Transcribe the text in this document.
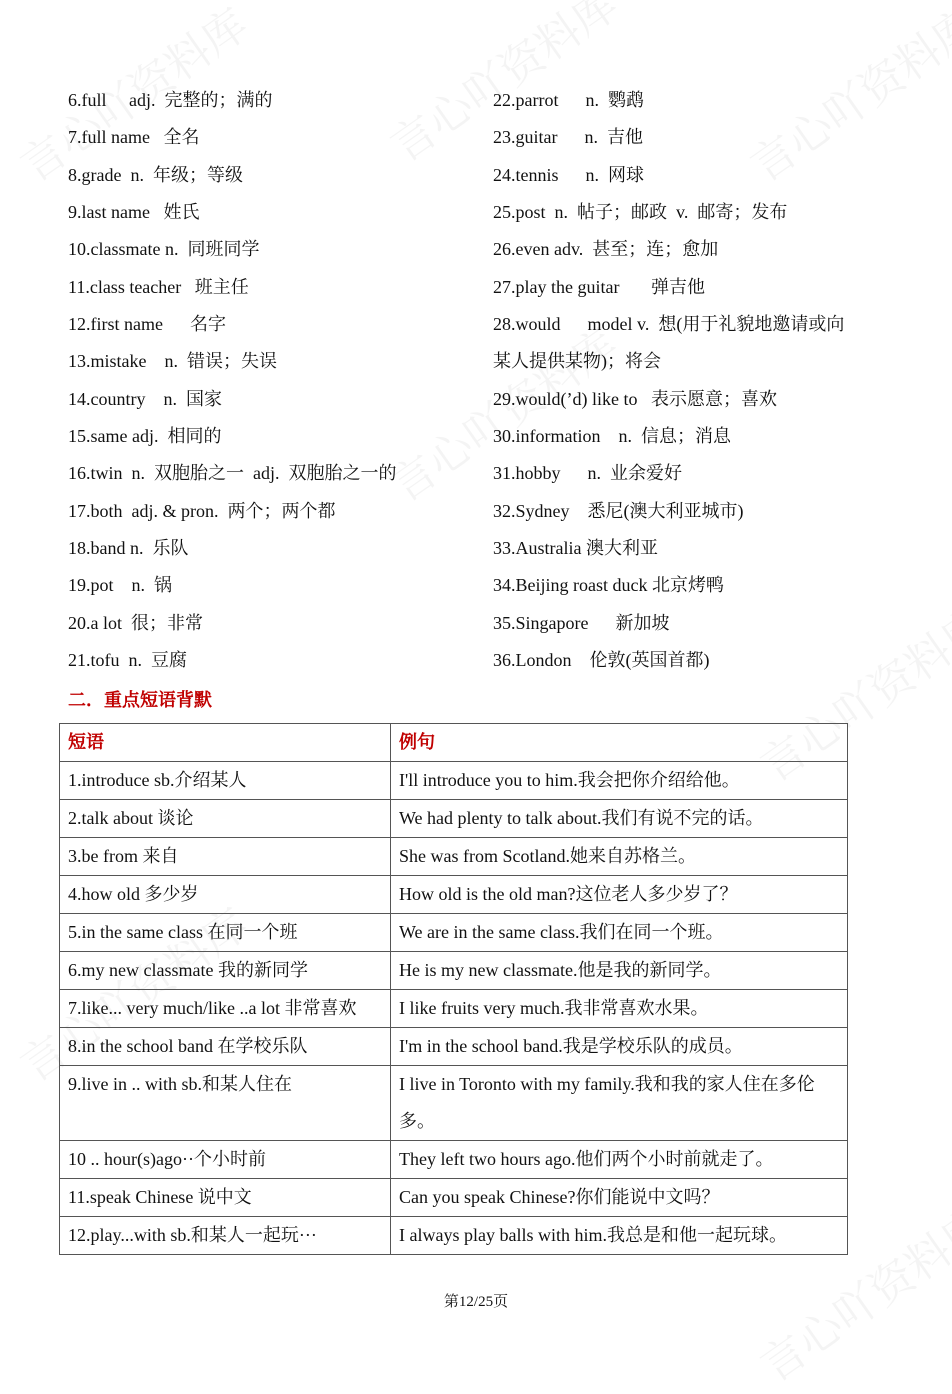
6.full     adj.  完整的；满的
7.full name   全名
8.grade  n.  年级；等级
9.last name   姓氏
10.classmate n.  同班同学
11.class teacher   班主任
12.first name      名字
13.mistake    n.  错误；失误
14.country    n.  国家
15.same adj.  相同的
16.twin  n.  双胞胎之一  adj.  双胞胎之一的
17.both  adj. & pron.  两个；两个都
18.band n.  乐队
19.pot    n.  锅
20.a lot  很；非常
21.tofu  n.  豆腐
22.parrot      n.  鹦鹉
23.guitar      n.  吉他
24.tennis      n.  网球
25.post  n.  帖子；邮政  v.  邮寄；发布
26.even adv.  甚至；连；愈加
27.play the guitar       弹吉他
28.would      model v.  想(用于礼貌地邀请或向
某人提供某物)；将会
29.would(’d) like to   表示愿意；喜欢
30.information    n.  信息；消息
31.hobby      n.  业余爱好
32.Sydney    悉尼(澳大利亚城市)
33.Australia 澳大利亚
34.Beijing roast duck 北京烤鸭
35.Singapore      新加坡
36.London    伦敦(英国首都)
二．重点短语背默
短语	例句
1.introduce sb.介绍某人	I'll introduce you to him.我会把你介绍给他。
2.talk about 谈论	We had plenty to talk about.我们有说不完的话。
3.be from 来自	She was from Scotland.她来自苏格兰。
4.how old 多少岁	How old is the old man?这位老人多少岁了？
5.in the same class 在同一个班	We are in the same class.我们在同一个班。
6.my new classmate 我的新同学	He is my new classmate.他是我的新同学。
7.like... very much/like ..a lot 非常喜欢	I like fruits very much.我非常喜欢水果。
8.in the school band 在学校乐队	I'm in the school band.我是学校乐队的成员。
9.live in .. with sb.和某人住在	I live in Toronto with my family.我和我的家人住在多伦多。
10 .. hour(s)ago··个小时前	They left two hours ago.他们两个小时前就走了。
11.speak Chinese 说中文	Can you speak Chinese?你们能说中文吗？
12.play...with sb.和某人一起玩···	I always play balls with him.我总是和他一起玩球。
第12/25页
